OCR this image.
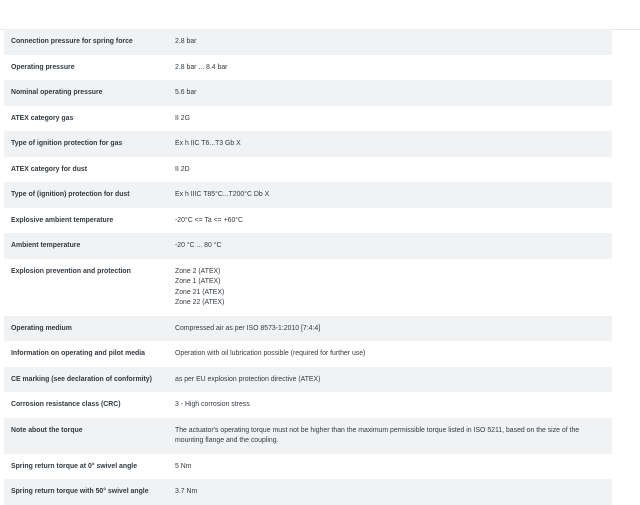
Connection pressure for spring force	2.8 bar
Operating pressure	2.8 bar ... 8.4 bar
Nominal operating pressure	5.6 bar
ATEX category gas	II 2G
Type of ignition protection for gas	Ex h IIC T6...T3 Gb X
ATEX category for dust	II 2D
Type of (ignition) protection for dust	Ex h IIIC T85°C...T200°C Db X
Explosive ambient temperature	-20°C <= Ta <= +60°C
Ambient temperature	-20 °C ... 80 °C
Explosion prevention and protection	Zone 2 (ATEX)
Zone 1 (ATEX)
Zone 21 (ATEX)
Zone 22 (ATEX)
Operating medium	Compressed air as per ISO 8573-1:2010 [7:4:4]
Information on operating and pilot media	Operation with oil lubrication possible (required for further use)
CE marking (see declaration of conformity)	as per EU explosion protection directive (ATEX)
Corrosion resistance class (CRC)	3 - High corrosion stress
Note about the torque	The actuator's operating torque must not be higher than the maximum permissible torque listed in ISO 5211, based on the size of the mounting flange and the coupling.
Spring return torque at 0° swivel angle	5 Nm
Spring return torque with 50° swivel angle	3.7 Nm
